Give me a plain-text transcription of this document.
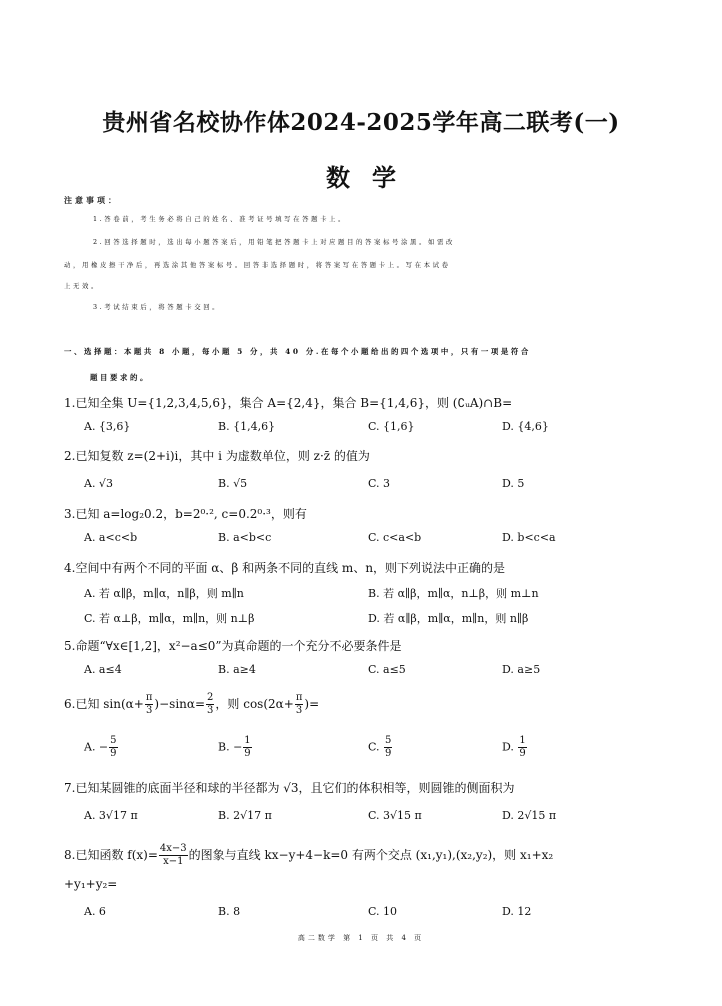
贵州省名校协作体2024-2025学年高二联考(一)
数学
注意事项：
1.答卷前，考生务必将自己的姓名、准考证号填写在答题卡上。
2.回答选择题时，选出每小题答案后，用铅笔把答题卡上对应题目的答案标号涂黑。如需改
动，用橡皮擦干净后，再选涂其他答案标号。回答非选择题时，将答案写在答题卡上。写在本试卷
上无效。
3.考试结束后，将答题卡交回。
一、选择题：本题共 8 小题，每小题 5 分，共 40 分.在每个小题给出的四个选项中，只有一项是符合
题目要求的。
1.已知全集 U={1,2,3,4,5,6}，集合 A={2,4}，集合 B={1,4,6}，则 (∁ᵤA)∩B=
A. {3,6}	B. {1,4,6}	C. {1,6}	D. {4,6}
2.已知复数 z=(2+i)i，其中 i 为虚数单位，则 z·z̄ 的值为
A. √3	B. √5	C. 3	D. 5
3.已知 a=log₂0.2，b=2⁰·², c=0.2⁰·³，则有
A. a<c<b	B. a<b<c	C. c<a<b	D. b<c<a
4.空间中有两个不同的平面 α、β 和两条不同的直线 m、n，则下列说法中正确的是
A. 若 α∥β，m∥α，n∥β，则 m∥n	B. 若 α∥β，m∥α，n⊥β，则 m⊥n
C. 若 α⊥β，m∥α，m∥n，则 n⊥β	D. 若 α∥β，m∥α，m∥n，则 n∥β
5.命题“∀x∈[1,2]，x²−a≤0”为真命题的一个充分不必要条件是
A. a≤4	B. a≥4	C. a≤5	D. a≥5
6.已知 $\sin(\alpha+ \frac{\pi}{3} )-\sin\alpha= \frac{2}{3}$ ，则 $\cos(2\alpha+ \frac{\pi}{3}$ )=
A. − $\frac{5}{9}$	B. − $\frac{1}{9}$	C. $\frac{5}{9}$	D. $\frac{1}{9}$
7.已知某圆锥的底面半径和球的半径都为 √3，且它们的体积相等，则圆锥的侧面积为
A. 3√17 π	B. 2√17 π	C. 3√15 π	D. 2√15 π
8.已知函数 $f(x)= \frac{4x-3}{x-1}$ 的图象与直线 kx−y+4−k=0 有两个交点 (x₁,y₁),(x₂,y₂)，则 x₁+x₂
+y₁+y₂=
A. 6	B. 8	C. 10	D. 12
高二数学 第 1 页 共 4 页
